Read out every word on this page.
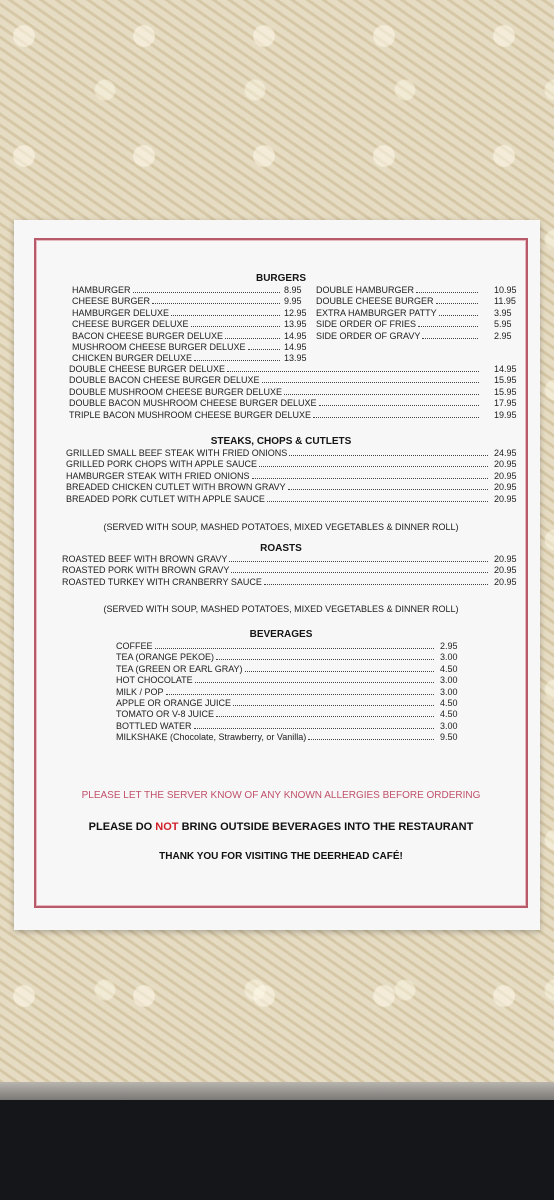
BURGERS
HAMBURGER	8.95
CHEESE BURGER	9.95
HAMBURGER DELUXE	12.95
CHEESE BURGER DELUXE	13.95
BACON CHEESE BURGER DELUXE	14.95
MUSHROOM CHEESE BURGER DELUXE	14.95
CHICKEN BURGER DELUXE	13.95
DOUBLE HAMBURGER	10.95
DOUBLE CHEESE BURGER	11.95
EXTRA HAMBURGER PATTY	3.95
SIDE ORDER OF FRIES	5.95
SIDE ORDER OF GRAVY	2.95
DOUBLE CHEESE BURGER DELUXE	14.95
DOUBLE BACON CHEESE BURGER DELUXE	15.95
DOUBLE MUSHROOM CHEESE BURGER DELUXE	15.95
DOUBLE BACON MUSHROOM CHEESE BURGER DELUXE	17.95
TRIPLE BACON MUSHROOM CHEESE BURGER DELUXE	19.95
STEAKS, CHOPS & CUTLETS
GRILLED SMALL BEEF STEAK WITH FRIED ONIONS	24.95
GRILLED PORK CHOPS WITH APPLE SAUCE	20.95
HAMBURGER STEAK WITH FRIED ONIONS	20.95
BREADED CHICKEN CUTLET WITH BROWN GRAVY	20.95
BREADED PORK CUTLET WITH APPLE SAUCE	20.95
(SERVED WITH SOUP, MASHED POTATOES, MIXED VEGETABLES & DINNER ROLL)
ROASTS
ROASTED BEEF WITH BROWN GRAVY	20.95
ROASTED PORK WITH BROWN GRAVY	20.95
ROASTED TURKEY WITH CRANBERRY SAUCE	20.95
(SERVED WITH SOUP, MASHED POTATOES, MIXED VEGETABLES & DINNER ROLL)
BEVERAGES
COFFEE	2.95
TEA (ORANGE PEKOE)	3.00
TEA (GREEN OR EARL GRAY)	4.50
HOT CHOCOLATE	3.00
MILK / POP	3.00
APPLE OR ORANGE JUICE	4.50
TOMATO OR V-8 JUICE	4.50
BOTTLED WATER	3.00
MILKSHAKE (Chocolate, Strawberry, or Vanilla)	9.50
PLEASE LET THE SERVER KNOW OF ANY KNOWN ALLERGIES BEFORE ORDERING
PLEASE DO NOT BRING OUTSIDE BEVERAGES INTO THE RESTAURANT
THANK YOU FOR VISITING THE DEERHEAD CAFÉ!
